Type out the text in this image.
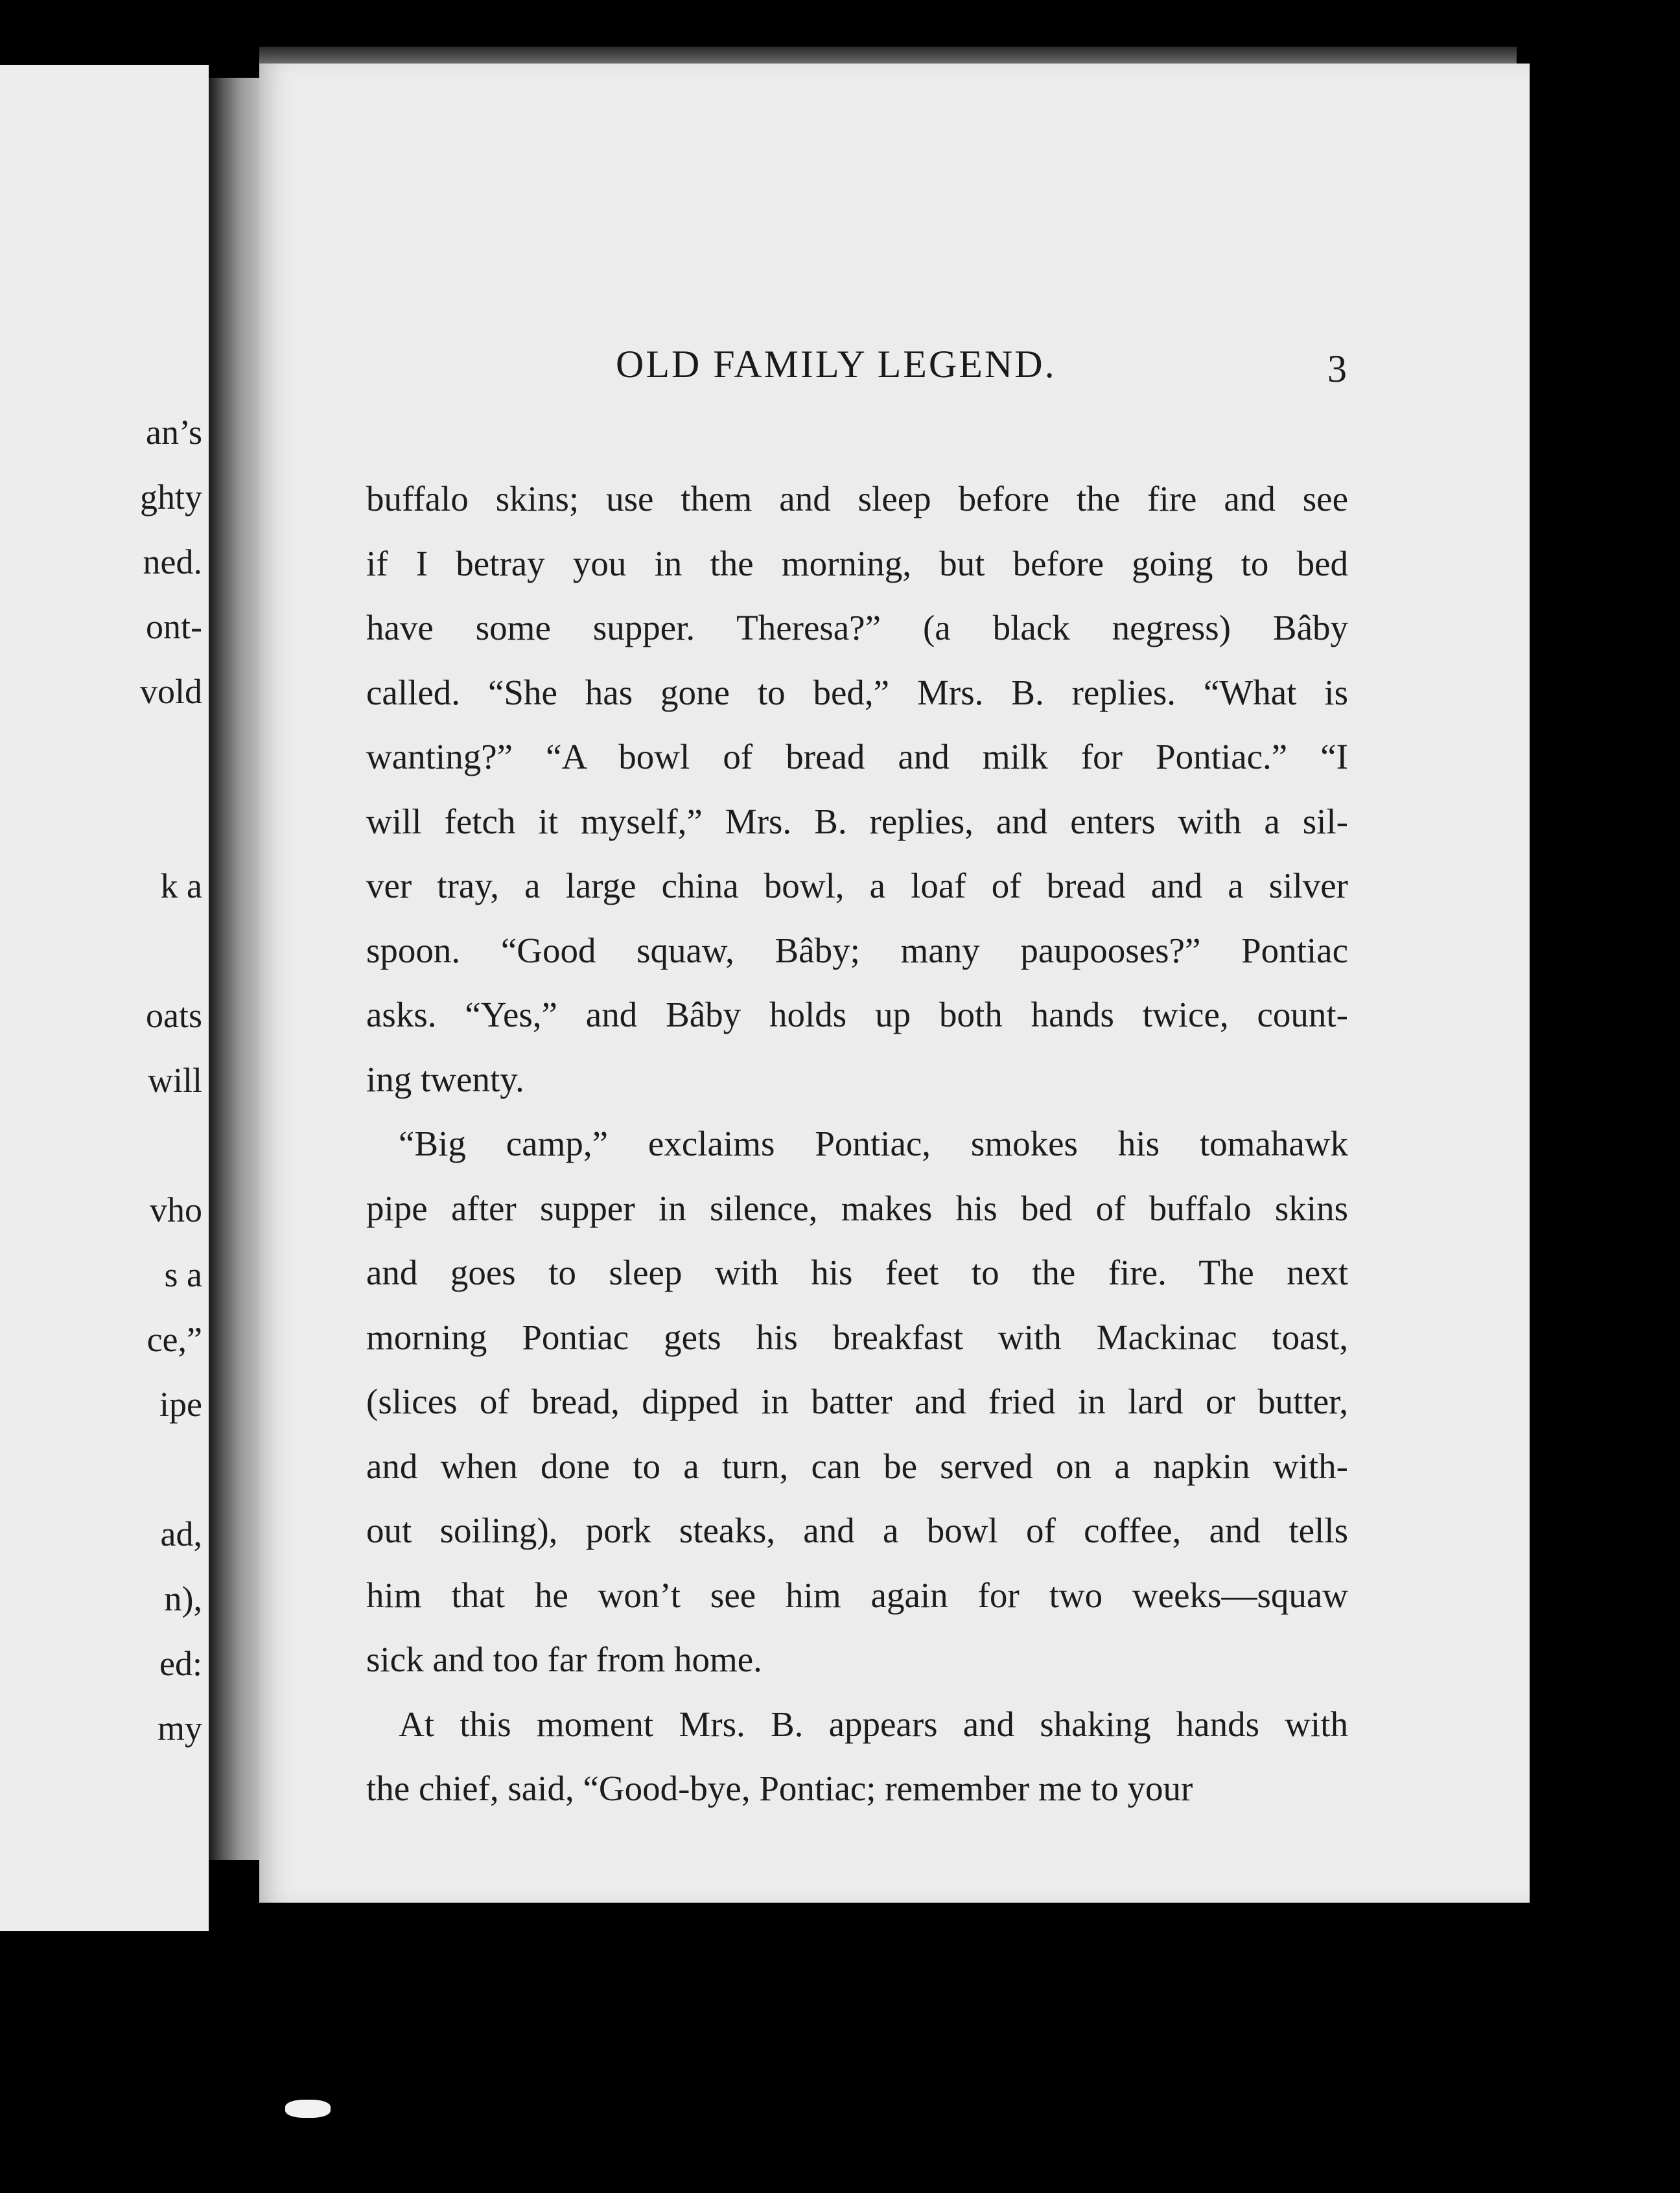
an’s
ghty
ned.
ont-
vold
k a
oats
will
vho
s a
ce,”
ipe
ad,
n),
ed:
my
OLD FAMILY LEGEND.	3
buffalo skins; use them and sleep before the fire and see
if I betray you in the morning, but before going to bed
have some supper. Theresa?” (a black negress) Bâby
called. “She has gone to bed,” Mrs. B. replies. “What is
wanting?” “A bowl of bread and milk for Pontiac.” “I
will fetch it myself,” Mrs. B. replies, and enters with a sil-
ver tray, a large china bowl, a loaf of bread and a silver
spoon. “Good squaw, Bâby; many paupooses?” Pontiac
asks. “Yes,” and Bâby holds up both hands twice, count-
ing twenty.
“Big camp,” exclaims Pontiac, smokes his tomahawk
pipe after supper in silence, makes his bed of buffalo skins
and goes to sleep with his feet to the fire. The next
morning Pontiac gets his breakfast with Mackinac toast,
(slices of bread, dipped in batter and fried in lard or butter,
and when done to a turn, can be served on a napkin with-
out soiling), pork steaks, and a bowl of coffee, and tells
him that he won’t see him again for two weeks—squaw
sick and too far from home.
At this moment Mrs. B. appears and shaking hands with
the chief, said, “Good-bye, Pontiac; remember me to your
